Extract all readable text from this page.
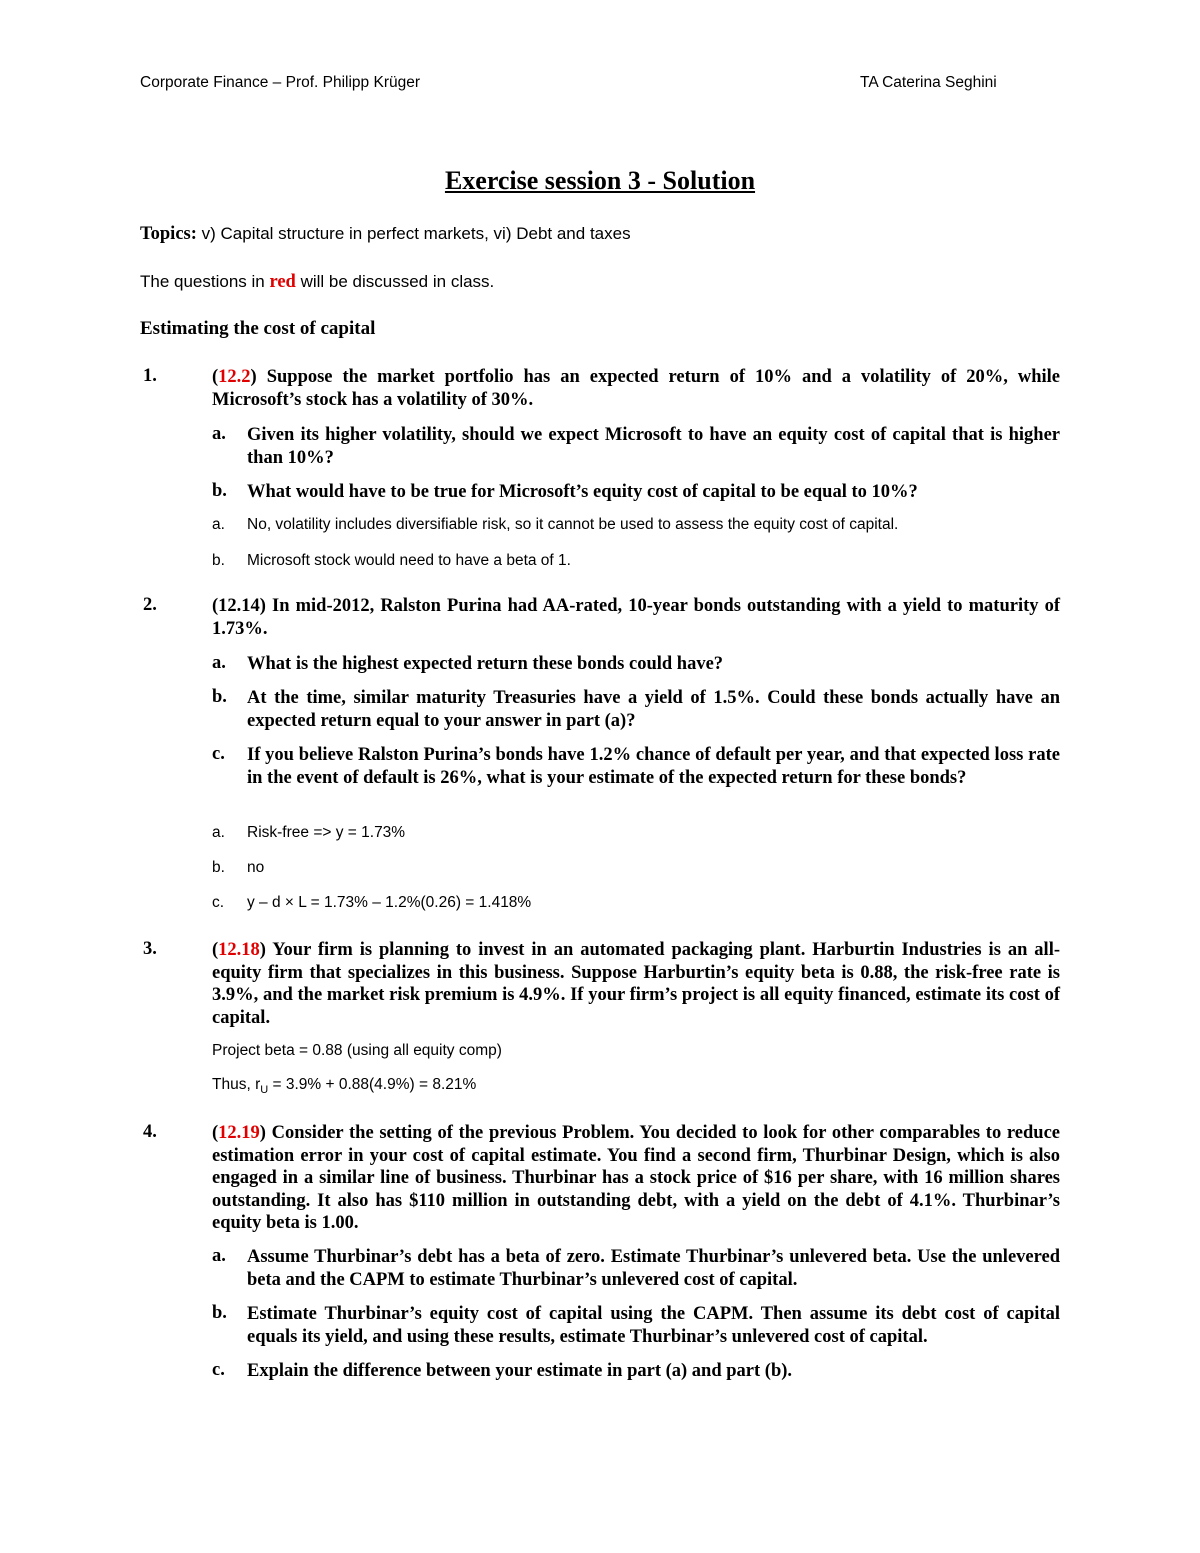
Corporate Finance – Prof. Philipp Krüger	TA Caterina Seghini
Exercise session 3 - Solution
Topics: v) Capital structure in perfect markets, vi) Debt and taxes
The questions in red will be discussed in class.
Estimating the cost of capital
1.	(12.2) Suppose the market portfolio has an expected return of 10% and a volatility of 20%, while Microsoft’s stock has a volatility of 30%.
a. Given its higher volatility, should we expect Microsoft to have an equity cost of capital that is higher than 10%?
b. What would have to be true for Microsoft’s equity cost of capital to be equal to 10%?
a. No, volatility includes diversifiable risk, so it cannot be used to assess the equity cost of capital.
b. Microsoft stock would need to have a beta of 1.
2.	(12.14) In mid-2012, Ralston Purina had AA-rated, 10-year bonds outstanding with a yield to maturity of 1.73%.
a. What is the highest expected return these bonds could have?
b. At the time, similar maturity Treasuries have a yield of 1.5%. Could these bonds actually have an expected return equal to your answer in part (a)?
c. If you believe Ralston Purina’s bonds have 1.2% chance of default per year, and that expected loss rate in the event of default is 26%, what is your estimate of the expected return for these bonds?
a. Risk-free => y = 1.73%
b. no
c. y – d × L = 1.73% – 1.2%(0.26) = 1.418%
3.	(12.18) Your firm is planning to invest in an automated packaging plant. Harburtin Industries is an all-equity firm that specializes in this business. Suppose Harburtin’s equity beta is 0.88, the risk-free rate is 3.9%, and the market risk premium is 4.9%. If your firm’s project is all equity financed, estimate its cost of capital.
Project beta = 0.88 (using all equity comp)
Thus, $r_U = 3.9\% + 0.88(4.9\%) = 8.21\%$
4.	(12.19) Consider the setting of the previous Problem. You decided to look for other comparables to reduce estimation error in your cost of capital estimate. You find a second firm, Thurbinar Design, which is also engaged in a similar line of business. Thurbinar has a stock price of $16 per share, with 16 million shares outstanding. It also has $110 million in outstanding debt, with a yield on the debt of 4.1%. Thurbinar’s equity beta is 1.00.
a. Assume Thurbinar’s debt has a beta of zero. Estimate Thurbinar’s unlevered beta. Use the unlevered beta and the CAPM to estimate Thurbinar’s unlevered cost of capital.
b. Estimate Thurbinar’s equity cost of capital using the CAPM. Then assume its debt cost of capital equals its yield, and using these results, estimate Thurbinar’s unlevered cost of capital.
c. Explain the difference between your estimate in part (a) and part (b).
